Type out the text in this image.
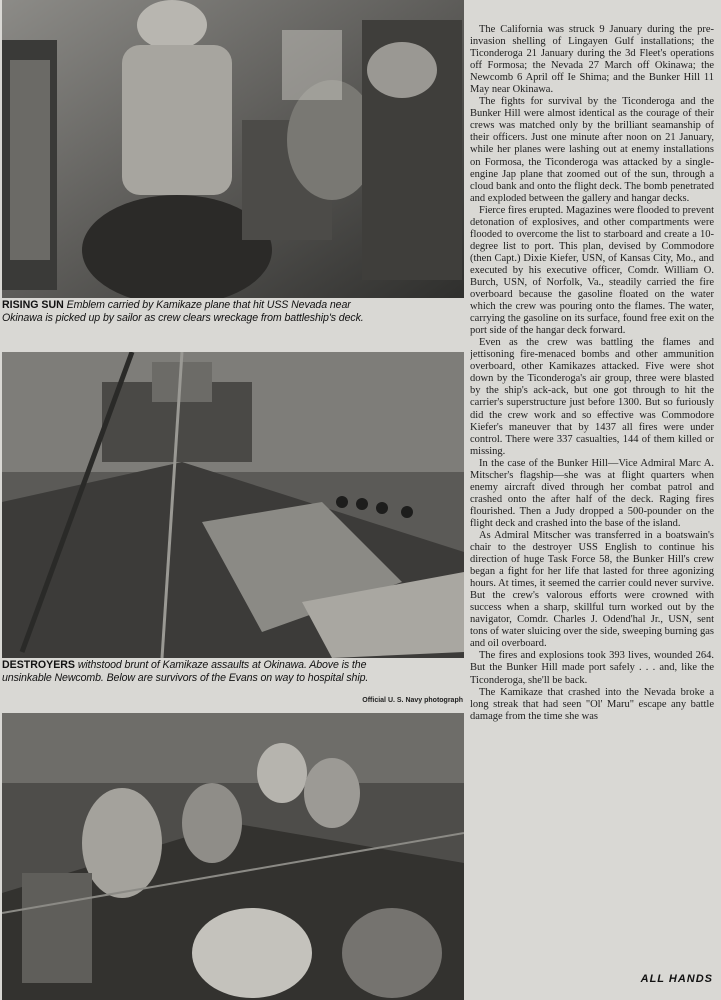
RISING SUN Emblem carried by Kamikaze plane that hit USS Nevada near
Okinawa is picked up by sailor as crew clears wreckage from battleship's deck.
DESTROYERS withstood brunt of Kamikaze assaults at Okinawa. Above is the
unsinkable Newcomb. Below are survivors of the Evans on way to hospital ship.
Official U. S. Navy photograph

The California was struck 9 January during the pre-invasion shelling of Lingayen Gulf installations; the Ticonderoga 21 January during the 3d Fleet's operations off Formosa; the Nevada 27 March off Okinawa; the Newcomb 6 April off Ie Shima; and the Bunker Hill 11 May near Okinawa.

The fights for survival by the Ticonderoga and the Bunker Hill were almost identical as the courage of their crews was matched only by the brilliant seamanship of their officers. Just one minute after noon on 21 January, while her planes were lashing out at enemy installations on Formosa, the Ticonderoga was attacked by a single-engine Jap plane that zoomed out of the sun, through a cloud bank and onto the flight deck. The bomb penetrated and exploded between the gallery and hangar decks.

Fierce fires erupted. Magazines were flooded to prevent detonation of explosives, and other compartments were flooded to overcome the list to starboard and create a 10-degree list to port. This plan, devised by Commodore (then Capt.) Dixie Kiefer, USN, of Kansas City, Mo., and executed by his executive officer, Comdr. William O. Burch, USN, of Norfolk, Va., steadily carried the fire overboard because the gasoline floated on the water which the crew was pouring onto the flames. The water, carrying the gasoline on its surface, found free exit on the port side of the hangar deck forward.

Even as the crew was battling the flames and jettisoning fire-menaced bombs and other ammunition overboard, other Kamikazes attacked. Five were shot down by the Ticonderoga's air group, three were blasted by the ship's ack-ack, but one got through to hit the carrier's superstructure just before 1300. But so furiously did the crew work and so effective was Commodore Kiefer's maneuver that by 1437 all fires were under control. There were 337 casualties, 144 of them killed or missing.

In the case of the Bunker Hill—Vice Admiral Marc A. Mitscher's flagship—she was at flight quarters when enemy aircraft dived through her combat patrol and crashed onto the after half of the deck. Raging fires flourished. Then a Judy dropped a 500-pounder on the flight deck and crashed into the base of the island.

As Admiral Mitscher was transferred in a boatswain's chair to the destroyer USS English to continue his direction of huge Task Force 58, the Bunker Hill's crew began a fight for her life that lasted for three agonizing hours. At times, it seemed the carrier could never survive. But the crew's valorous efforts were crowned with success when a sharp, skillful turn worked out by the navigator, Comdr. Charles J. Odend'hal Jr., USN, sent tons of water sluicing over the side, sweeping burning gas and oil overboard.

The fires and explosions took 393 lives, wounded 264. But the Bunker Hill made port safely . . . and, like the Ticonderoga, she'll be back.

The Kamikaze that crashed into the Nevada broke a long streak that had seen "Ol' Maru" escape any battle damage from the time she was

ALL HANDS
